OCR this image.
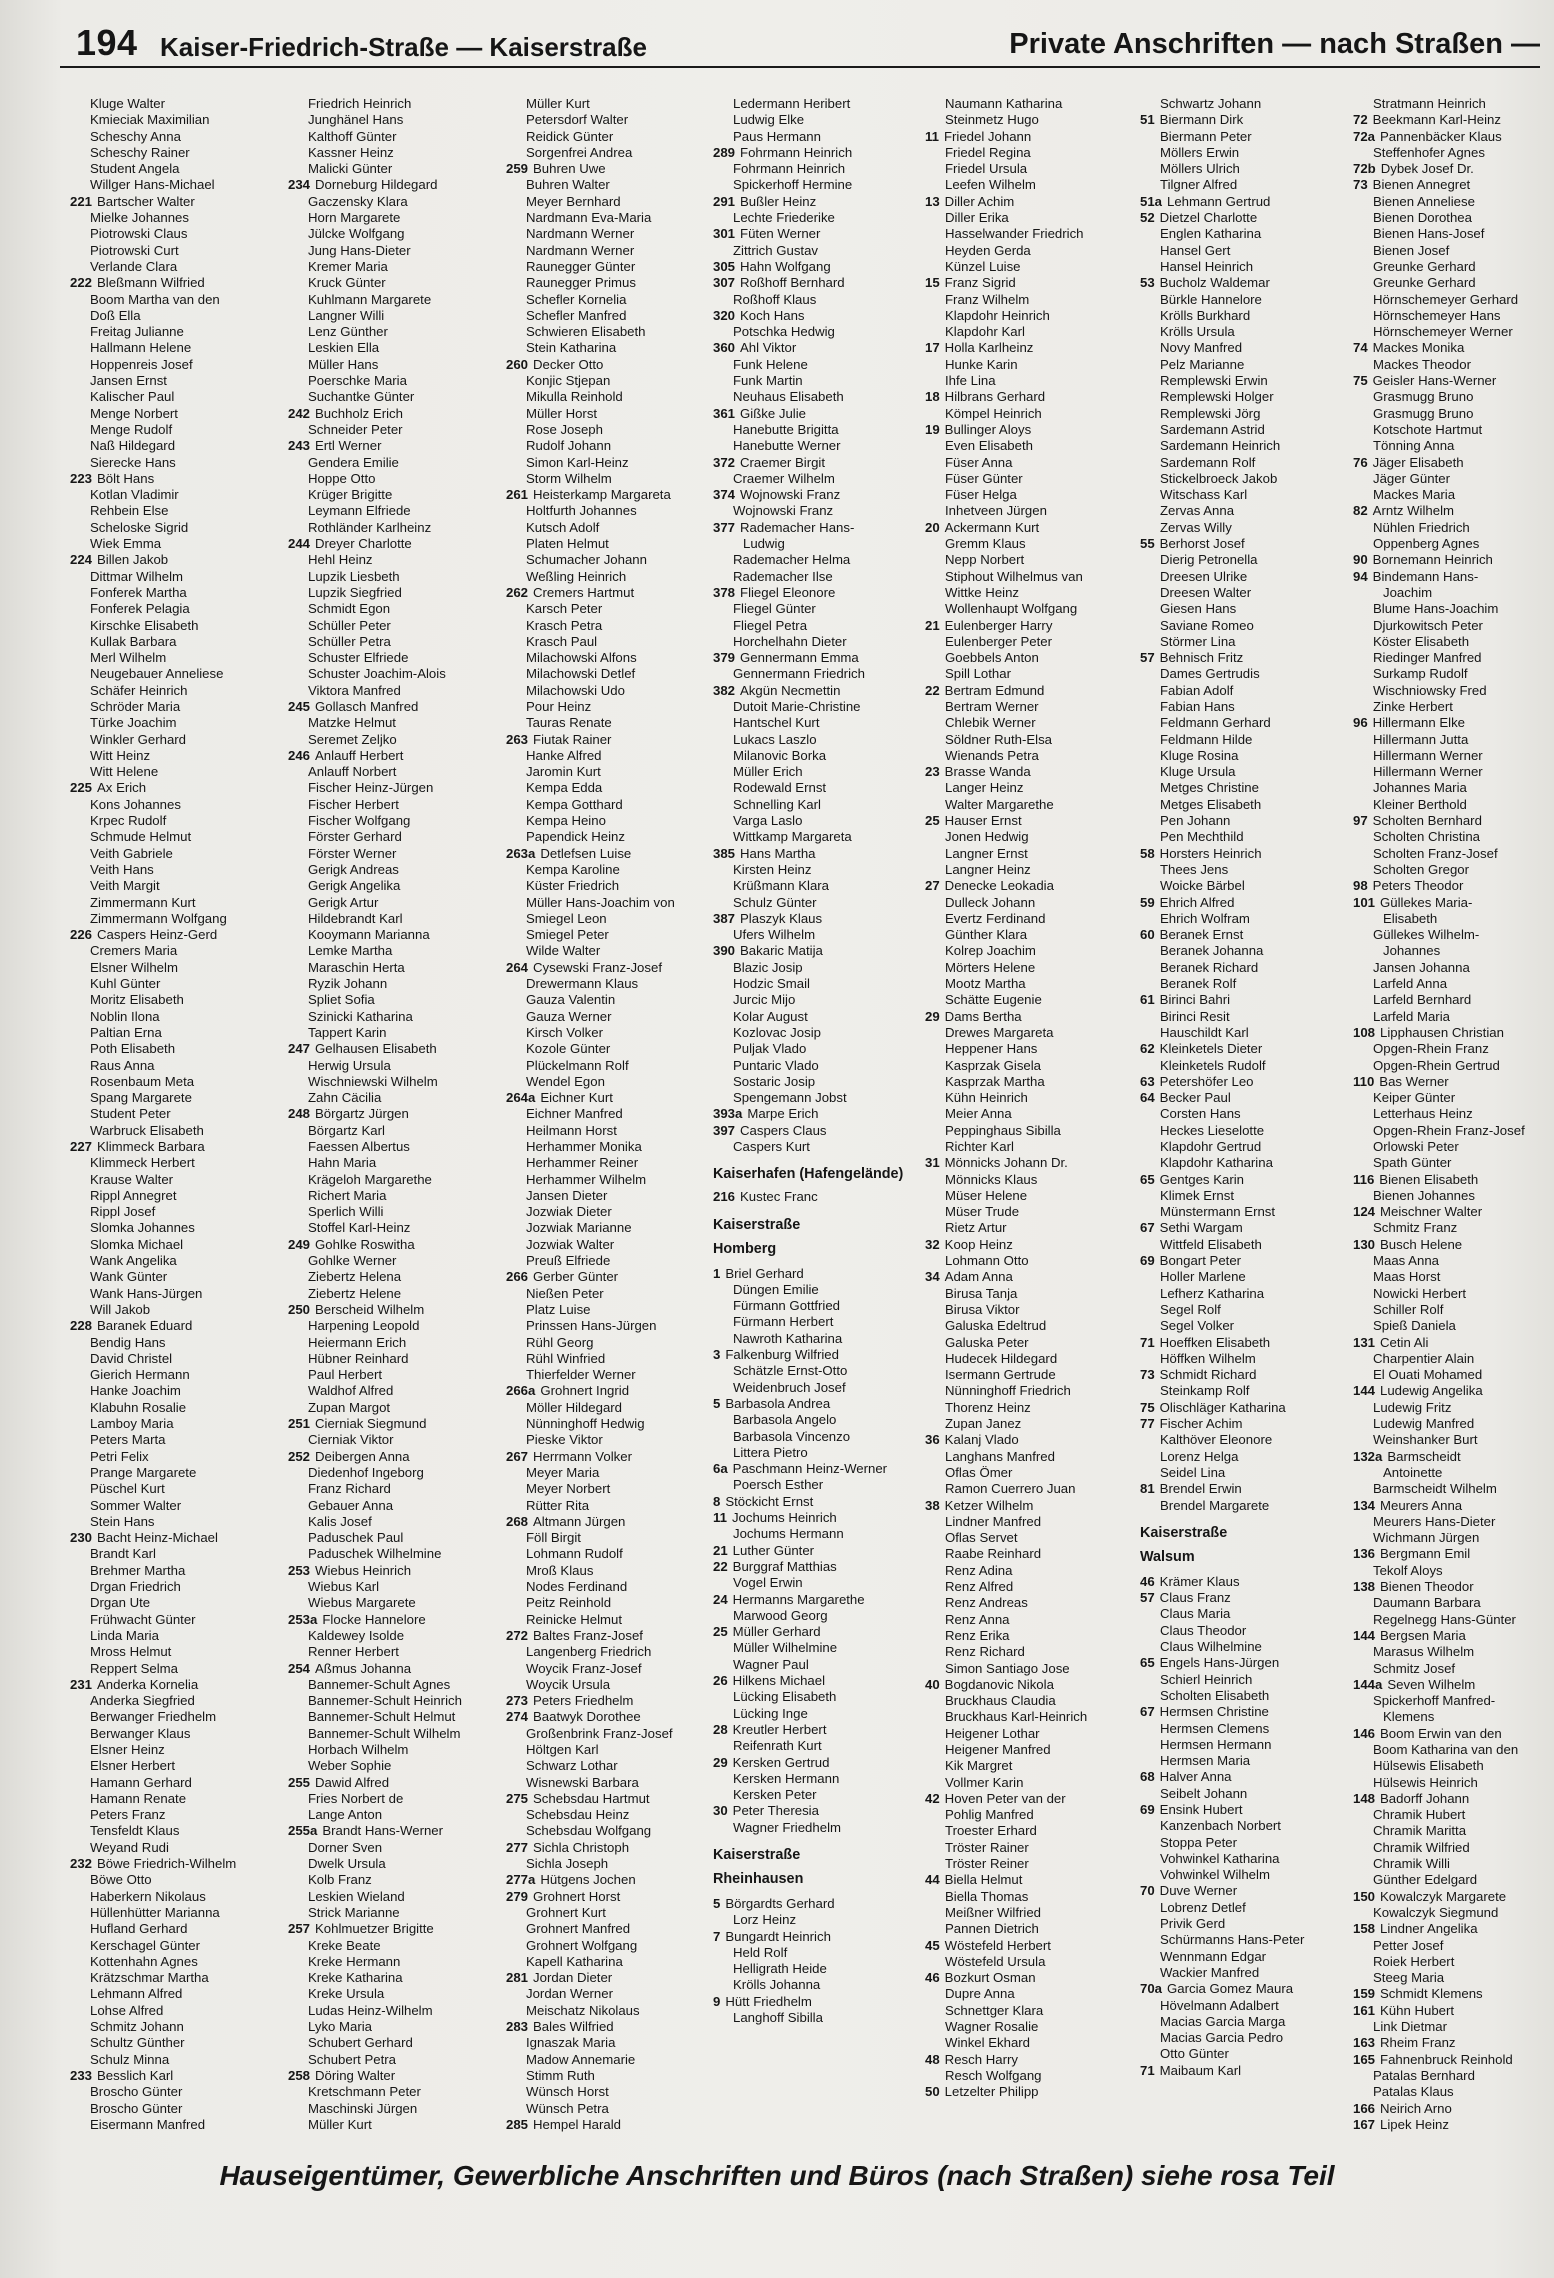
194 Kaiser-Friedrich-Straße — Kaiserstraße	Private Anschriften — nach Straßen —
Kluge Walter
Kmieciak Maximilian
Scheschy Anna
Scheschy Rainer
Student Angela
Willger Hans-Michael
221 Bartscher Walter
Mielke Johannes
Piotrowski Claus
Piotrowski Curt
Verlande Clara
222 Bleßmann Wilfried
Boom Martha van den
Doß Ella
Freitag Julianne
Hallmann Helene
Hoppenreis Josef
Jansen Ernst
Kalischer Paul
Menge Norbert
Menge Rudolf
Naß Hildegard
Sierecke Hans
223 Bölt Hans
Kotlan Vladimir
Rehbein Else
Scheloske Sigrid
Wiek Emma
224 Billen Jakob
Dittmar Wilhelm
Fonferek Martha
Fonferek Pelagia
Kirschke Elisabeth
Kullak Barbara
Merl Wilhelm
Neugebauer Anneliese
Schäfer Heinrich
Schröder Maria
Türke Joachim
Winkler Gerhard
Witt Heinz
Witt Helene
225 Ax Erich
Kons Johannes
Krpec Rudolf
Schmude Helmut
Veith Gabriele
Veith Hans
Veith Margit
Zimmermann Kurt
Zimmermann Wolfgang
226 Caspers Heinz-Gerd
Cremers Maria
Elsner Wilhelm
Kuhl Günter
Moritz Elisabeth
Noblin Ilona
Paltian Erna
Poth Elisabeth
Raus Anna
Rosenbaum Meta
Spang Margarete
Student Peter
Warbruck Elisabeth
227 Klimmeck Barbara
Klimmeck Herbert
Krause Walter
Rippl Annegret
Rippl Josef
Slomka Johannes
Slomka Michael
Wank Angelika
Wank Günter
Wank Hans-Jürgen
Will Jakob
228 Baranek Eduard
Bendig Hans
David Christel
Gierich Hermann
Hanke Joachim
Klabuhn Rosalie
Lamboy Maria
Peters Marta
Petri Felix
Prange Margarete
Püschel Kurt
Sommer Walter
Stein Hans
230 Bacht Heinz-Michael
Brandt Karl
Brehmer Martha
Drgan Friedrich
Drgan Ute
Frühwacht Günter
Linda Maria
Mross Helmut
Reppert Selma
231 Anderka Kornelia
Anderka Siegfried
Berwanger Friedhelm
Berwanger Klaus
Elsner Heinz
Elsner Herbert
Hamann Gerhard
Hamann Renate
Peters Franz
Tensfeldt Klaus
Weyand Rudi
232 Böwe Friedrich-Wilhelm
Böwe Otto
Haberkern Nikolaus
Hüllenhütter Marianna
Hufland Gerhard
Kerschagel Günter
Kottenhahn Agnes
Krätzschmar Martha
Lehmann Alfred
Lohse Alfred
Schmitz Johann
Schultz Günther
Schulz Minna
233 Besslich Karl
Broscho Günter
Broscho Günter
Eisermann Manfred
Friedrich Heinrich
Junghänel Hans
Kalthoff Günter
Kassner Heinz
Malicki Günter
234 Dorneburg Hildegard
Gaczensky Klara
Horn Margarete
Jülcke Wolfgang
Jung Hans-Dieter
Kremer Maria
Kruck Günter
Kuhlmann Margarete
Langner Willi
Lenz Günther
Leskien Ella
Müller Hans
Poerschke Maria
Suchantke Günter
242 Buchholz Erich
Schneider Peter
243 Ertl Werner
Gendera Emilie
Hoppe Otto
Krüger Brigitte
Leymann Elfriede
Rothländer Karlheinz
244 Dreyer Charlotte
Hehl Heinz
Lupzik Liesbeth
Lupzik Siegfried
Schmidt Egon
Schüller Peter
Schüller Petra
Schuster Elfriede
Schuster Joachim-Alois
Viktora Manfred
245 Gollasch Manfred
Matzke Helmut
Seremet Zeljko
246 Anlauff Herbert
Anlauff Norbert
Fischer Heinz-Jürgen
Fischer Herbert
Fischer Wolfgang
Förster Gerhard
Förster Werner
Gerigk Andreas
Gerigk Angelika
Gerigk Artur
Hildebrandt Karl
Kooymann Marianna
Lemke Martha
Maraschin Herta
Ryzik Johann
Spliet Sofia
Szinicki Katharina
Tappert Karin
247 Gelhausen Elisabeth
Herwig Ursula
Wischniewski Wilhelm
Zahn Cäcilia
248 Börgartz Jürgen
Börgartz Karl
Faessen Albertus
Hahn Maria
Krägeloh Margarethe
Richert Maria
Sperlich Willi
Stoffel Karl-Heinz
249 Gohlke Roswitha
Gohlke Werner
Ziebertz Helena
Ziebertz Helene
250 Berscheid Wilhelm
Harpening Leopold
Heiermann Erich
Hübner Reinhard
Paul Herbert
Waldhof Alfred
Zupan Margot
251 Cierniak Siegmund
Cierniak Viktor
252 Deibergen Anna
Diedenhof Ingeborg
Franz Richard
Gebauer Anna
Kalis Josef
Paduschek Paul
Paduschek Wilhelmine
253 Wiebus Heinrich
Wiebus Karl
Wiebus Margarete
253a Flocke Hannelore
Kaldewey Isolde
Renner Herbert
254 Aßmus Johanna
Bannemer-Schult Agnes
Bannemer-Schult Heinrich
Bannemer-Schult Helmut
Bannemer-Schult Wilhelm
Horbach Wilhelm
Weber Sophie
255 Dawid Alfred
Fries Norbert de
Lange Anton
255a Brandt Hans-Werner
Dorner Sven
Dwelk Ursula
Kolb Franz
Leskien Wieland
Strick Marianne
257 Kohlmuetzer Brigitte
Kreke Beate
Kreke Hermann
Kreke Katharina
Kreke Ursula
Ludas Heinz-Wilhelm
Lyko Maria
Schubert Gerhard
Schubert Petra
258 Döring Walter
Kretschmann Peter
Maschinski Jürgen
Müller Kurt
Müller Kurt
Petersdorf Walter
Reidick Günter
Sorgenfrei Andrea
259 Buhren Uwe
Buhren Walter
Meyer Bernhard
Nardmann Eva-Maria
Nardmann Werner
Nardmann Werner
Raunegger Günter
Raunegger Primus
Schefler Kornelia
Schefler Manfred
Schwieren Elisabeth
Stein Katharina
260 Decker Otto
Konjic Stjepan
Mikulla Reinhold
Müller Horst
Rose Joseph
Rudolf Johann
Simon Karl-Heinz
Storm Wilhelm
261 Heisterkamp Margareta
Holtfurth Johannes
Kutsch Adolf
Platen Helmut
Schumacher Johann
Weßling Heinrich
262 Cremers Hartmut
Karsch Peter
Krasch Petra
Krasch Paul
Milachowski Alfons
Milachowski Detlef
Milachowski Udo
Pour Heinz
Tauras Renate
263 Fiutak Rainer
Hanke Alfred
Jaromin Kurt
Kempa Edda
Kempa Gotthard
Kempa Heino
Papendick Heinz
263a Detlefsen Luise
Kempa Karoline
Küster Friedrich
Müller Hans-Joachim von
Smiegel Leon
Smiegel Peter
Wilde Walter
264 Cysewski Franz-Josef
Drewermann Klaus
Gauza Valentin
Gauza Werner
Kirsch Volker
Kozole Günter
Plückelmann Rolf
Wendel Egon
264a Eichner Kurt
Eichner Manfred
Heilmann Horst
Herhammer Monika
Herhammer Reiner
Herhammer Wilhelm
Jansen Dieter
Jozwiak Dieter
Jozwiak Marianne
Jozwiak Walter
Preuß Elfriede
266 Gerber Günter
Nießen Peter
Platz Luise
Prinssen Hans-Jürgen
Rühl Georg
Rühl Winfried
Thierfelder Werner
266a Grohnert Ingrid
Möller Hildegard
Nünninghoff Hedwig
Pieske Viktor
267 Herrmann Volker
Meyer Maria
Meyer Norbert
Rütter Rita
268 Altmann Jürgen
Föll Birgit
Lohmann Rudolf
Mroß Klaus
Nodes Ferdinand
Peitz Reinhold
Reinicke Helmut
272 Baltes Franz-Josef
Langenberg Friedrich
Woycik Franz-Josef
Woycik Ursula
273 Peters Friedhelm
274 Baatwyk Dorothee
Großenbrink Franz-Josef
Höltgen Karl
Schwarz Lothar
Wisnewski Barbara
275 Schebsdau Hartmut
Schebsdau Heinz
Schebsdau Wolfgang
277 Sichla Christoph
Sichla Joseph
277a Hütgens Jochen
279 Grohnert Horst
Grohnert Kurt
Grohnert Manfred
Grohnert Wolfgang
Kapell Katharina
281 Jordan Dieter
Jordan Werner
Meischatz Nikolaus
283 Bales Wilfried
Ignaszak Maria
Madow Annemarie
Stimm Ruth
Wünsch Horst
Wünsch Petra
285 Hempel Harald
Ledermann Heribert
Ludwig Elke
Paus Hermann
289 Fohrmann Heinrich
Fohrmann Heinrich
Spickerhoff Hermine
291 Bußler Heinz
Lechte Friederike
301 Füten Werner
Zittrich Gustav
305 Hahn Wolfgang
307 Roßhoff Bernhard
Roßhoff Klaus
320 Koch Hans
Potschka Hedwig
360 Ahl Viktor
Funk Helene
Funk Martin
Neuhaus Elisabeth
361 Gißke Julie
Hanebutte Brigitta
Hanebutte Werner
372 Craemer Birgit
Craemer Wilhelm
374 Wojnowski Franz
Wojnowski Franz
377 Rademacher Hans-
Ludwig
Rademacher Helma
Rademacher Ilse
378 Fliegel Eleonore
Fliegel Günter
Fliegel Petra
Horchelhahn Dieter
379 Gennermann Emma
Gennermann Friedrich
382 Akgün Necmettin
Dutoit Marie-Christine
Hantschel Kurt
Lukacs Laszlo
Milanovic Borka
Müller Erich
Rodewald Ernst
Schnelling Karl
Varga Laslo
Wittkamp Margareta
385 Hans Martha
Kirsten Heinz
Krüßmann Klara
Schulz Günter
387 Plaszyk Klaus
Ufers Wilhelm
390 Bakaric Matija
Blazic Josip
Hodzic Smail
Jurcic Mijo
Kolar August
Kozlovac Josip
Puljak Vlado
Puntaric Vlado
Sostaric Josip
Spengemann Jobst
393a Marpe Erich
397 Caspers Claus
Caspers Kurt
Kaiserhafen (Hafengelände)
216 Kustec Franc
Kaiserstraße
Homberg
1 Briel Gerhard
Düngen Emilie
Fürmann Gottfried
Fürmann Herbert
Nawroth Katharina
3 Falkenburg Wilfried
Schätzle Ernst-Otto
Weidenbruch Josef
5 Barbasola Andrea
Barbasola Angelo
Barbasola Vincenzo
Littera Pietro
6a Paschmann Heinz-Werner
Poersch Esther
8 Stöckicht Ernst
11 Jochums Heinrich
Jochums Hermann
21 Luther Günter
22 Burggraf Matthias
Vogel Erwin
24 Hermanns Margarethe
Marwood Georg
25 Müller Gerhard
Müller Wilhelmine
Wagner Paul
26 Hilkens Michael
Lücking Elisabeth
Lücking Inge
28 Kreutler Herbert
Reifenrath Kurt
29 Kersken Gertrud
Kersken Hermann
Kersken Peter
30 Peter Theresia
Wagner Friedhelm
Kaiserstraße
Rheinhausen
5 Börgardts Gerhard
Lorz Heinz
7 Bungardt Heinrich
Held Rolf
Helligrath Heide
Krölls Johanna
9 Hütt Friedhelm
Langhoff Sibilla
Naumann Katharina
Steinmetz Hugo
11 Friedel Johann
Friedel Regina
Friedel Ursula
Leefen Wilhelm
13 Diller Achim
Diller Erika
Hasselwander Friedrich
Heyden Gerda
Künzel Luise
15 Franz Sigrid
Franz Wilhelm
Klapdohr Heinrich
Klapdohr Karl
17 Holla Karlheinz
Hunke Karin
Ihfe Lina
18 Hilbrans Gerhard
Kömpel Heinrich
19 Bullinger Aloys
Even Elisabeth
Füser Anna
Füser Günter
Füser Helga
Inhetveen Jürgen
20 Ackermann Kurt
Gremm Klaus
Nepp Norbert
Stiphout Wilhelmus van
Wittke Heinz
Wollenhaupt Wolfgang
21 Eulenberger Harry
Eulenberger Peter
Goebbels Anton
Spill Lothar
22 Bertram Edmund
Bertram Werner
Chlebik Werner
Söldner Ruth-Elsa
Wienands Petra
23 Brasse Wanda
Langer Heinz
Walter Margarethe
25 Hauser Ernst
Jonen Hedwig
Langner Ernst
Langner Heinz
27 Denecke Leokadia
Dulleck Johann
Evertz Ferdinand
Günther Klara
Kolrep Joachim
Mörters Helene
Mootz Martha
Schätte Eugenie
29 Dams Bertha
Drewes Margareta
Heppener Hans
Kasprzak Gisela
Kasprzak Martha
Kühn Heinrich
Meier Anna
Peppinghaus Sibilla
Richter Karl
31 Mönnicks Johann Dr.
Mönnicks Klaus
Müser Helene
Müser Trude
Rietz Artur
32 Koop Heinz
Lohmann Otto
34 Adam Anna
Birusa Tanja
Birusa Viktor
Galuska Edeltrud
Galuska Peter
Hudecek Hildegard
Isermann Gertrude
Nünninghoff Friedrich
Thorenz Heinz
Zupan Janez
36 Kalanj Vlado
Langhans Manfred
Oflas Ömer
Ramon Cuerrero Juan
38 Ketzer Wilhelm
Lindner Manfred
Oflas Servet
Raabe Reinhard
Renz Adina
Renz Alfred
Renz Andreas
Renz Anna
Renz Erika
Renz Richard
Simon Santiago Jose
40 Bogdanovic Nikola
Bruckhaus Claudia
Bruckhaus Karl-Heinrich
Heigener Lothar
Heigener Manfred
Kik Margret
Vollmer Karin
42 Hoven Peter van der
Pohlig Manfred
Troester Erhard
Tröster Rainer
Tröster Reiner
44 Biella Helmut
Biella Thomas
Meißner Wilfried
Pannen Dietrich
45 Wöstefeld Herbert
Wöstefeld Ursula
46 Bozkurt Osman
Dupre Anna
Schnettger Klara
Wagner Rosalie
Winkel Ekhard
48 Resch Harry
Resch Wolfgang
50 Letzelter Philipp
Schwartz Johann
51 Biermann Dirk
Biermann Peter
Möllers Erwin
Möllers Ulrich
Tilgner Alfred
51a Lehmann Gertrud
52 Dietzel Charlotte
Englen Katharina
Hansel Gert
Hansel Heinrich
53 Bucholz Waldemar
Bürkle Hannelore
Krölls Burkhard
Krölls Ursula
Novy Manfred
Pelz Marianne
Remplewski Erwin
Remplewski Holger
Remplewski Jörg
Sardemann Astrid
Sardemann Heinrich
Sardemann Rolf
Stickelbroeck Jakob
Witschass Karl
Zervas Anna
Zervas Willy
55 Berhorst Josef
Dierig Petronella
Dreesen Ulrike
Dreesen Walter
Giesen Hans
Saviane Romeo
Störmer Lina
57 Behnisch Fritz
Dames Gertrudis
Fabian Adolf
Fabian Hans
Feldmann Gerhard
Feldmann Hilde
Kluge Rosina
Kluge Ursula
Metges Christine
Metges Elisabeth
Pen Johann
Pen Mechthild
58 Horsters Heinrich
Thees Jens
Woicke Bärbel
59 Ehrich Alfred
Ehrich Wolfram
60 Beranek Ernst
Beranek Johanna
Beranek Richard
Beranek Rolf
61 Birinci Bahri
Birinci Resit
Hauschildt Karl
62 Kleinketels Dieter
Kleinketels Rudolf
63 Petershöfer Leo
64 Becker Paul
Corsten Hans
Heckes Lieselotte
Klapdohr Gertrud
Klapdohr Katharina
65 Gentges Karin
Klimek Ernst
Münstermann Ernst
67 Sethi Wargam
Wittfeld Elisabeth
69 Bongart Peter
Holler Marlene
Lefherz Katharina
Segel Rolf
Segel Volker
71 Hoeffken Elisabeth
Höffken Wilhelm
73 Schmidt Richard
Steinkamp Rolf
75 Olischläger Katharina
77 Fischer Achim
Kalthöver Eleonore
Lorenz Helga
Seidel Lina
81 Brendel Erwin
Brendel Margarete
Kaiserstraße
Walsum
46 Krämer Klaus
57 Claus Franz
Claus Maria
Claus Theodor
Claus Wilhelmine
65 Engels Hans-Jürgen
Schierl Heinrich
Scholten Elisabeth
67 Hermsen Christine
Hermsen Clemens
Hermsen Hermann
Hermsen Maria
68 Halver Anna
Seibelt Johann
69 Ensink Hubert
Kanzenbach Norbert
Stoppa Peter
Vohwinkel Katharina
Vohwinkel Wilhelm
70 Duve Werner
Lobrenz Detlef
Privik Gerd
Schürmanns Hans-Peter
Wennmann Edgar
Wackier Manfred
70a Garcia Gomez Maura
Hövelmann Adalbert
Macias Garcia Marga
Macias Garcia Pedro
Otto Günter
71 Maibaum Karl
Stratmann Heinrich
72 Beekmann Karl-Heinz
72a Pannenbäcker Klaus
Steffenhofer Agnes
72b Dybek Josef Dr.
73 Bienen Annegret
Bienen Anneliese
Bienen Dorothea
Bienen Hans-Josef
Bienen Josef
Greunke Gerhard
Greunke Gerhard
Hörnschemeyer Gerhard
Hörnschemeyer Hans
Hörnschemeyer Werner
74 Mackes Monika
Mackes Theodor
75 Geisler Hans-Werner
Grasmugg Bruno
Grasmugg Bruno
Kotschote Hartmut
Tönning Anna
76 Jäger Elisabeth
Jäger Günter
Mackes Maria
82 Arntz Wilhelm
Nühlen Friedrich
Oppenberg Agnes
90 Bornemann Heinrich
94 Bindemann Hans-
Joachim
Blume Hans-Joachim
Djurkowitsch Peter
Köster Elisabeth
Riedinger Manfred
Surkamp Rudolf
Wischniowsky Fred
Zinke Herbert
96 Hillermann Elke
Hillermann Jutta
Hillermann Werner
Hillermann Werner
Johannes Maria
Kleiner Berthold
97 Scholten Bernhard
Scholten Christina
Scholten Franz-Josef
Scholten Gregor
98 Peters Theodor
101 Güllekes Maria-
Elisabeth
Güllekes Wilhelm-
Johannes
Jansen Johanna
Larfeld Anna
Larfeld Bernhard
Larfeld Maria
108 Lipphausen Christian
Opgen-Rhein Franz
Opgen-Rhein Gertrud
110 Bas Werner
Keiper Günter
Letterhaus Heinz
Opgen-Rhein Franz-Josef
Orlowski Peter
Spath Günter
116 Bienen Elisabeth
Bienen Johannes
124 Meischner Walter
Schmitz Franz
130 Busch Helene
Maas Anna
Maas Horst
Nowicki Herbert
Schiller Rolf
Spieß Daniela
131 Cetin Ali
Charpentier Alain
El Ouati Mohamed
144 Ludewig Angelika
Ludewig Fritz
Ludewig Manfred
Weinshanker Burt
132a Barmscheidt
Antoinette
Barmscheidt Wilhelm
134 Meurers Anna
Meurers Hans-Dieter
Wichmann Jürgen
136 Bergmann Emil
Tekolf Aloys
138 Bienen Theodor
Daumann Barbara
Regelnegg Hans-Günter
144 Bergsen Maria
Marasus Wilhelm
Schmitz Josef
144a Seven Wilhelm
Spickerhoff Manfred-
Klemens
146 Boom Erwin van den
Boom Katharina van den
Hülsewis Elisabeth
Hülsewis Heinrich
148 Badorff Johann
Chramik Hubert
Chramik Maritta
Chramik Wilfried
Chramik Willi
Günther Edelgard
150 Kowalczyk Margarete
Kowalczyk Siegmund
158 Lindner Angelika
Petter Josef
Roiek Herbert
Steeg Maria
159 Schmidt Klemens
161 Kühn Hubert
Link Dietmar
163 Rheim Franz
165 Fahnenbruck Reinhold
Patalas Bernhard
Patalas Klaus
166 Neirich Arno
167 Lipek Heinz
Hauseigentümer, Gewerbliche Anschriften und Büros (nach Straßen) siehe rosa Teil
